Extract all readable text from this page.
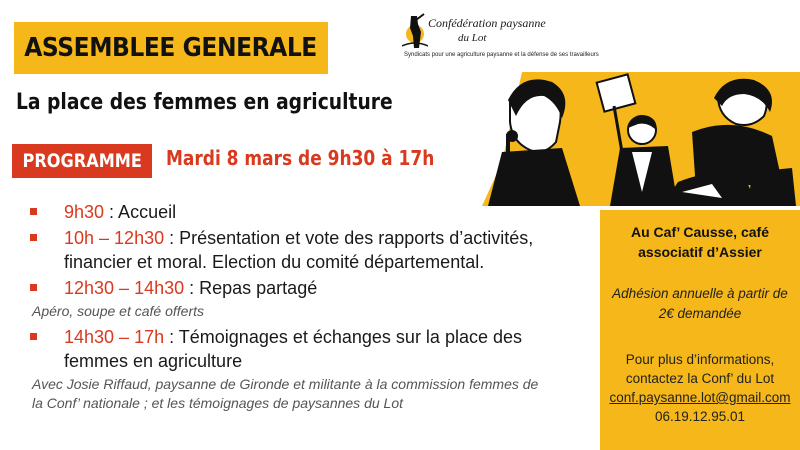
ASSEMBLEE GENERALE
Confédération paysanne
du Lot
Syndicats pour une agriculture paysanne et la défense de ses travailleurs
La place des femmes en agriculture
PROGRAMME Mardi 8 mars de 9h30 à 17h
9h30 : Accueil
10h – 12h30 : Présentation et vote des rapports d’activités, financier et moral. Election du comité départemental.
12h30 – 14h30 : Repas partagé
Apéro, soupe et café offerts
14h30 – 17h : Témoignages et échanges sur la place des femmes en agriculture
Avec Josie Riffaud, paysanne de Gironde et militante à la commission femmes de la Conf’ nationale ; et les témoignages de paysannes du Lot
Au Caf’ Causse, café associatif d’Assier
Adhésion annuelle à partir de 2€ demandée
Pour plus d’informations,
contactez la Conf’ du Lot
conf.paysanne.lot@gmail.com
06.19.12.95.01
